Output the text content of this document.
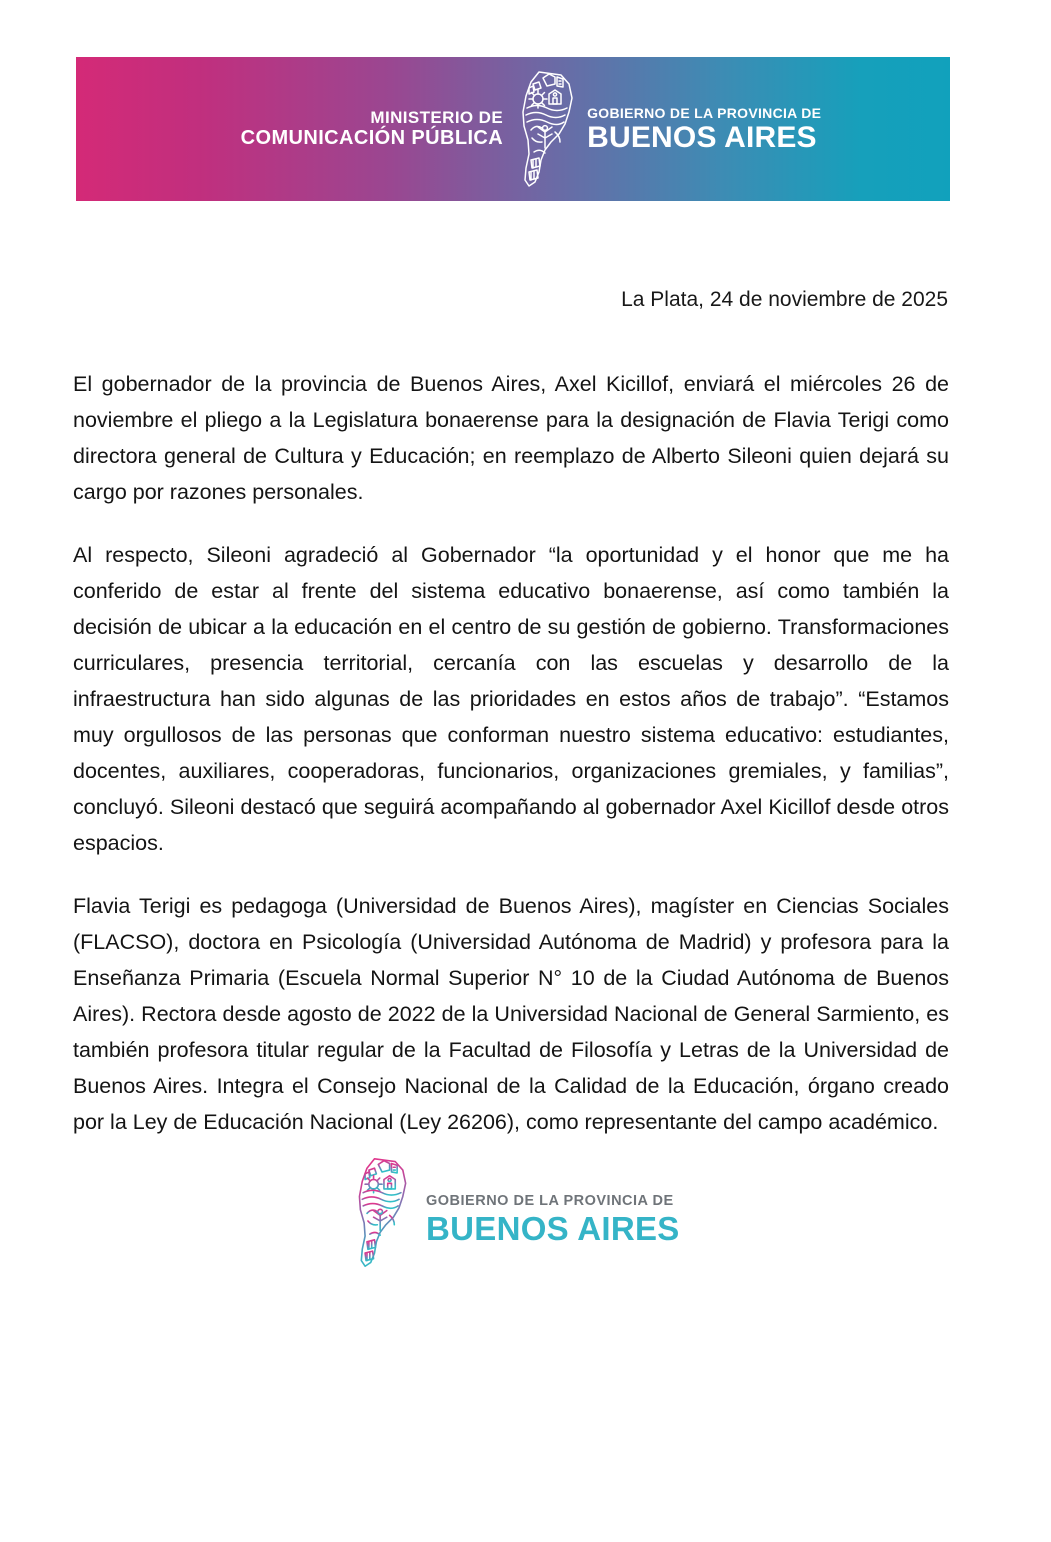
MINISTERIO DE
COMUNICACIÓN PÚBLICA
GOBIERNO DE LA PROVINCIA DE
BUENOS AIRES
La Plata, 24 de noviembre de 2025

El gobernador de la provincia de Buenos Aires, Axel Kicillof, enviará el miércoles 26 de noviembre el pliego a la Legislatura bonaerense para la designación de Flavia Terigi como directora general de Cultura y Educación; en reemplazo de Alberto Sileoni quien dejará su cargo por razones personales.

Al respecto, Sileoni agradeció al Gobernador “la oportunidad y el honor que me ha conferido de estar al frente del sistema educativo bonaerense, así como también la decisión de ubicar a la educación en el centro de su gestión de gobierno. Transformaciones curriculares, presencia territorial, cercanía con las escuelas y desarrollo de la infraestructura han sido algunas de las prioridades en estos años de trabajo”. “Estamos muy orgullosos de las personas que conforman nuestro sistema educativo: estudiantes, docentes, auxiliares, cooperadoras, funcionarios, organizaciones gremiales, y familias”, concluyó. Sileoni destacó que seguirá acompañando al gobernador Axel Kicillof desde otros espacios.

Flavia Terigi es pedagoga (Universidad de Buenos Aires), magíster en Ciencias Sociales (FLACSO), doctora en Psicología (Universidad Autónoma de Madrid) y profesora para la Enseñanza Primaria (Escuela Normal Superior N° 10 de la Ciudad Autónoma de Buenos Aires). Rectora desde agosto de 2022 de la Universidad Nacional de General Sarmiento, es también profesora titular regular de la Facultad de Filosofía y Letras de la Universidad de Buenos Aires. Integra el Consejo Nacional de la Calidad de la Educación, órgano creado por la Ley de Educación Nacional (Ley 26206), como representante del campo académico.

GOBIERNO DE LA PROVINCIA DE
BUENOS AIRES
